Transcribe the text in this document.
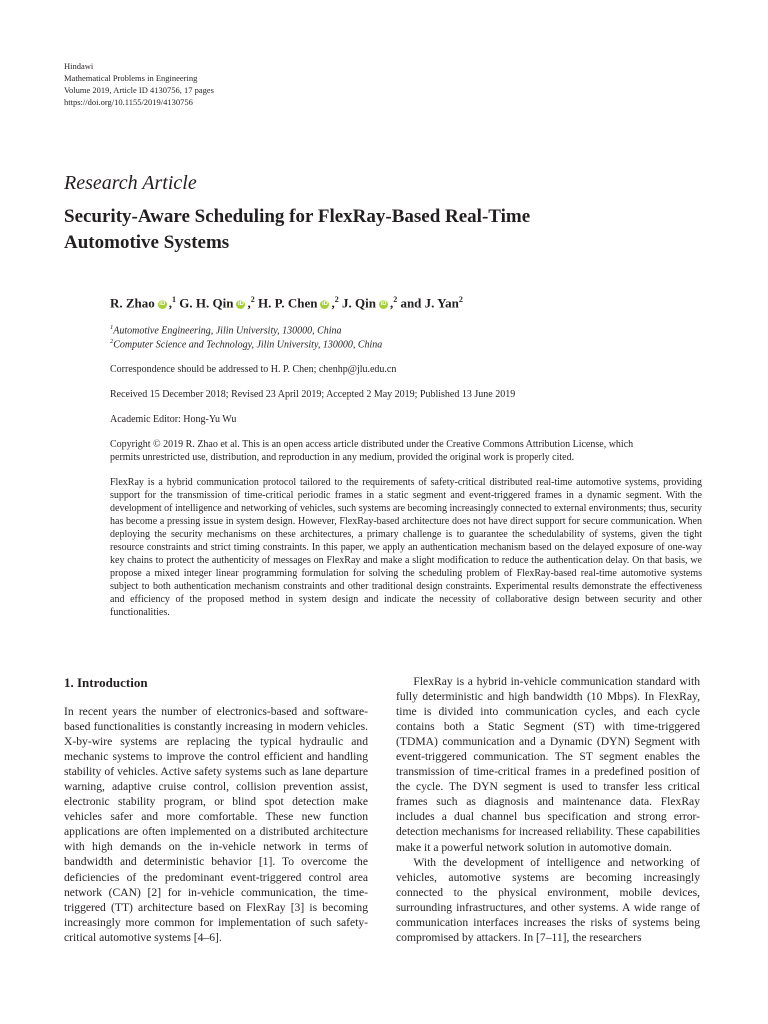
Hindawi
Mathematical Problems in Engineering
Volume 2019, Article ID 4130756, 17 pages
https://doi.org/10.1155/2019/4130756
Research Article
Security-Aware Scheduling for FlexRay-Based Real-Time
Automotive Systems
R. Zhao iD ,$^1$ G. H. Qin iD ,$^2$ H. P. Chen iD ,$^2$ J. Qin iD ,$^2$ and J. Yan$^2$
$^1$Automotive Engineering, Jilin University, 130000, China
$^2$Computer Science and Technology, Jilin University, 130000, China
Correspondence should be addressed to H. P. Chen; chenhp@jlu.edu.cn
Received 15 December 2018; Revised 23 April 2019; Accepted 2 May 2019; Published 13 June 2019
Academic Editor: Hong-Yu Wu
Copyright © 2019 R. Zhao et al. This is an open access article distributed under the Creative Commons Attribution License, which
permits unrestricted use, distribution, and reproduction in any medium, provided the original work is properly cited.
FlexRay is a hybrid communication protocol tailored to the requirements of safety-critical distributed real-time automotive systems, providing support for the transmission of time-critical periodic frames in a static segment and event-triggered frames in a dynamic segment. With the development of intelligence and networking of vehicles, such systems are becoming increasingly connected to external environments; thus, security has become a pressing issue in system design. However, FlexRay-based architecture does not have direct support for secure communication. When deploying the security mechanisms on these architectures, a primary challenge is to guarantee the schedulability of systems, given the tight resource constraints and strict timing constraints. In this paper, we apply an authentication mechanism based on the delayed exposure of one-way key chains to protect the authenticity of messages on FlexRay and make a slight modification to reduce the authentication delay. On that basis, we propose a mixed integer linear programming formulation for solving the scheduling problem of FlexRay-based real-time automotive systems subject to both authentication mechanism constraints and other traditional design constraints. Experimental results demonstrate the effectiveness and efficiency of the proposed method in system design and indicate the necessity of collaborative design between security and other functionalities.
1. Introduction

In recent years the number of electronics-based and software-based functionalities is constantly increasing in modern vehicles. X-by-wire systems are replacing the typical hydraulic and mechanic systems to improve the control efficient and handling stability of vehicles. Active safety systems such as lane departure warning, adaptive cruise control, collision prevention assist, electronic stability program, or blind spot detection make vehicles safer and more comfortable. These new function applications are often implemented on a distributed architecture with high demands on the in-vehicle network in terms of bandwidth and deterministic behavior [1]. To overcome the deficiencies of the predominant event-triggered control area network (CAN) [2] for in-vehicle communication, the time-triggered (TT) architecture based on FlexRay [3] is becoming increasingly more common for implementation of such safety-critical automotive systems [4–6].

FlexRay is a hybrid in-vehicle communication standard with fully deterministic and high bandwidth (10 Mbps). In FlexRay, time is divided into communication cycles, and each cycle contains both a Static Segment (ST) with time-triggered (TDMA) communication and a Dynamic (DYN) Segment with event-triggered communication. The ST segment enables the transmission of time-critical frames in a predefined position of the cycle. The DYN segment is used to transfer less critical frames such as diagnosis and maintenance data. FlexRay includes a dual channel bus specification and strong error-detection mechanisms for increased reliability. These capabilities make it a powerful network solution in automotive domain.

With the development of intelligence and networking of vehicles, automotive systems are becoming increasingly connected to the physical environment, mobile devices, surrounding infrastructures, and other systems. A wide range of communication interfaces increases the risks of systems being compromised by attackers. In [7–11], the researchers
